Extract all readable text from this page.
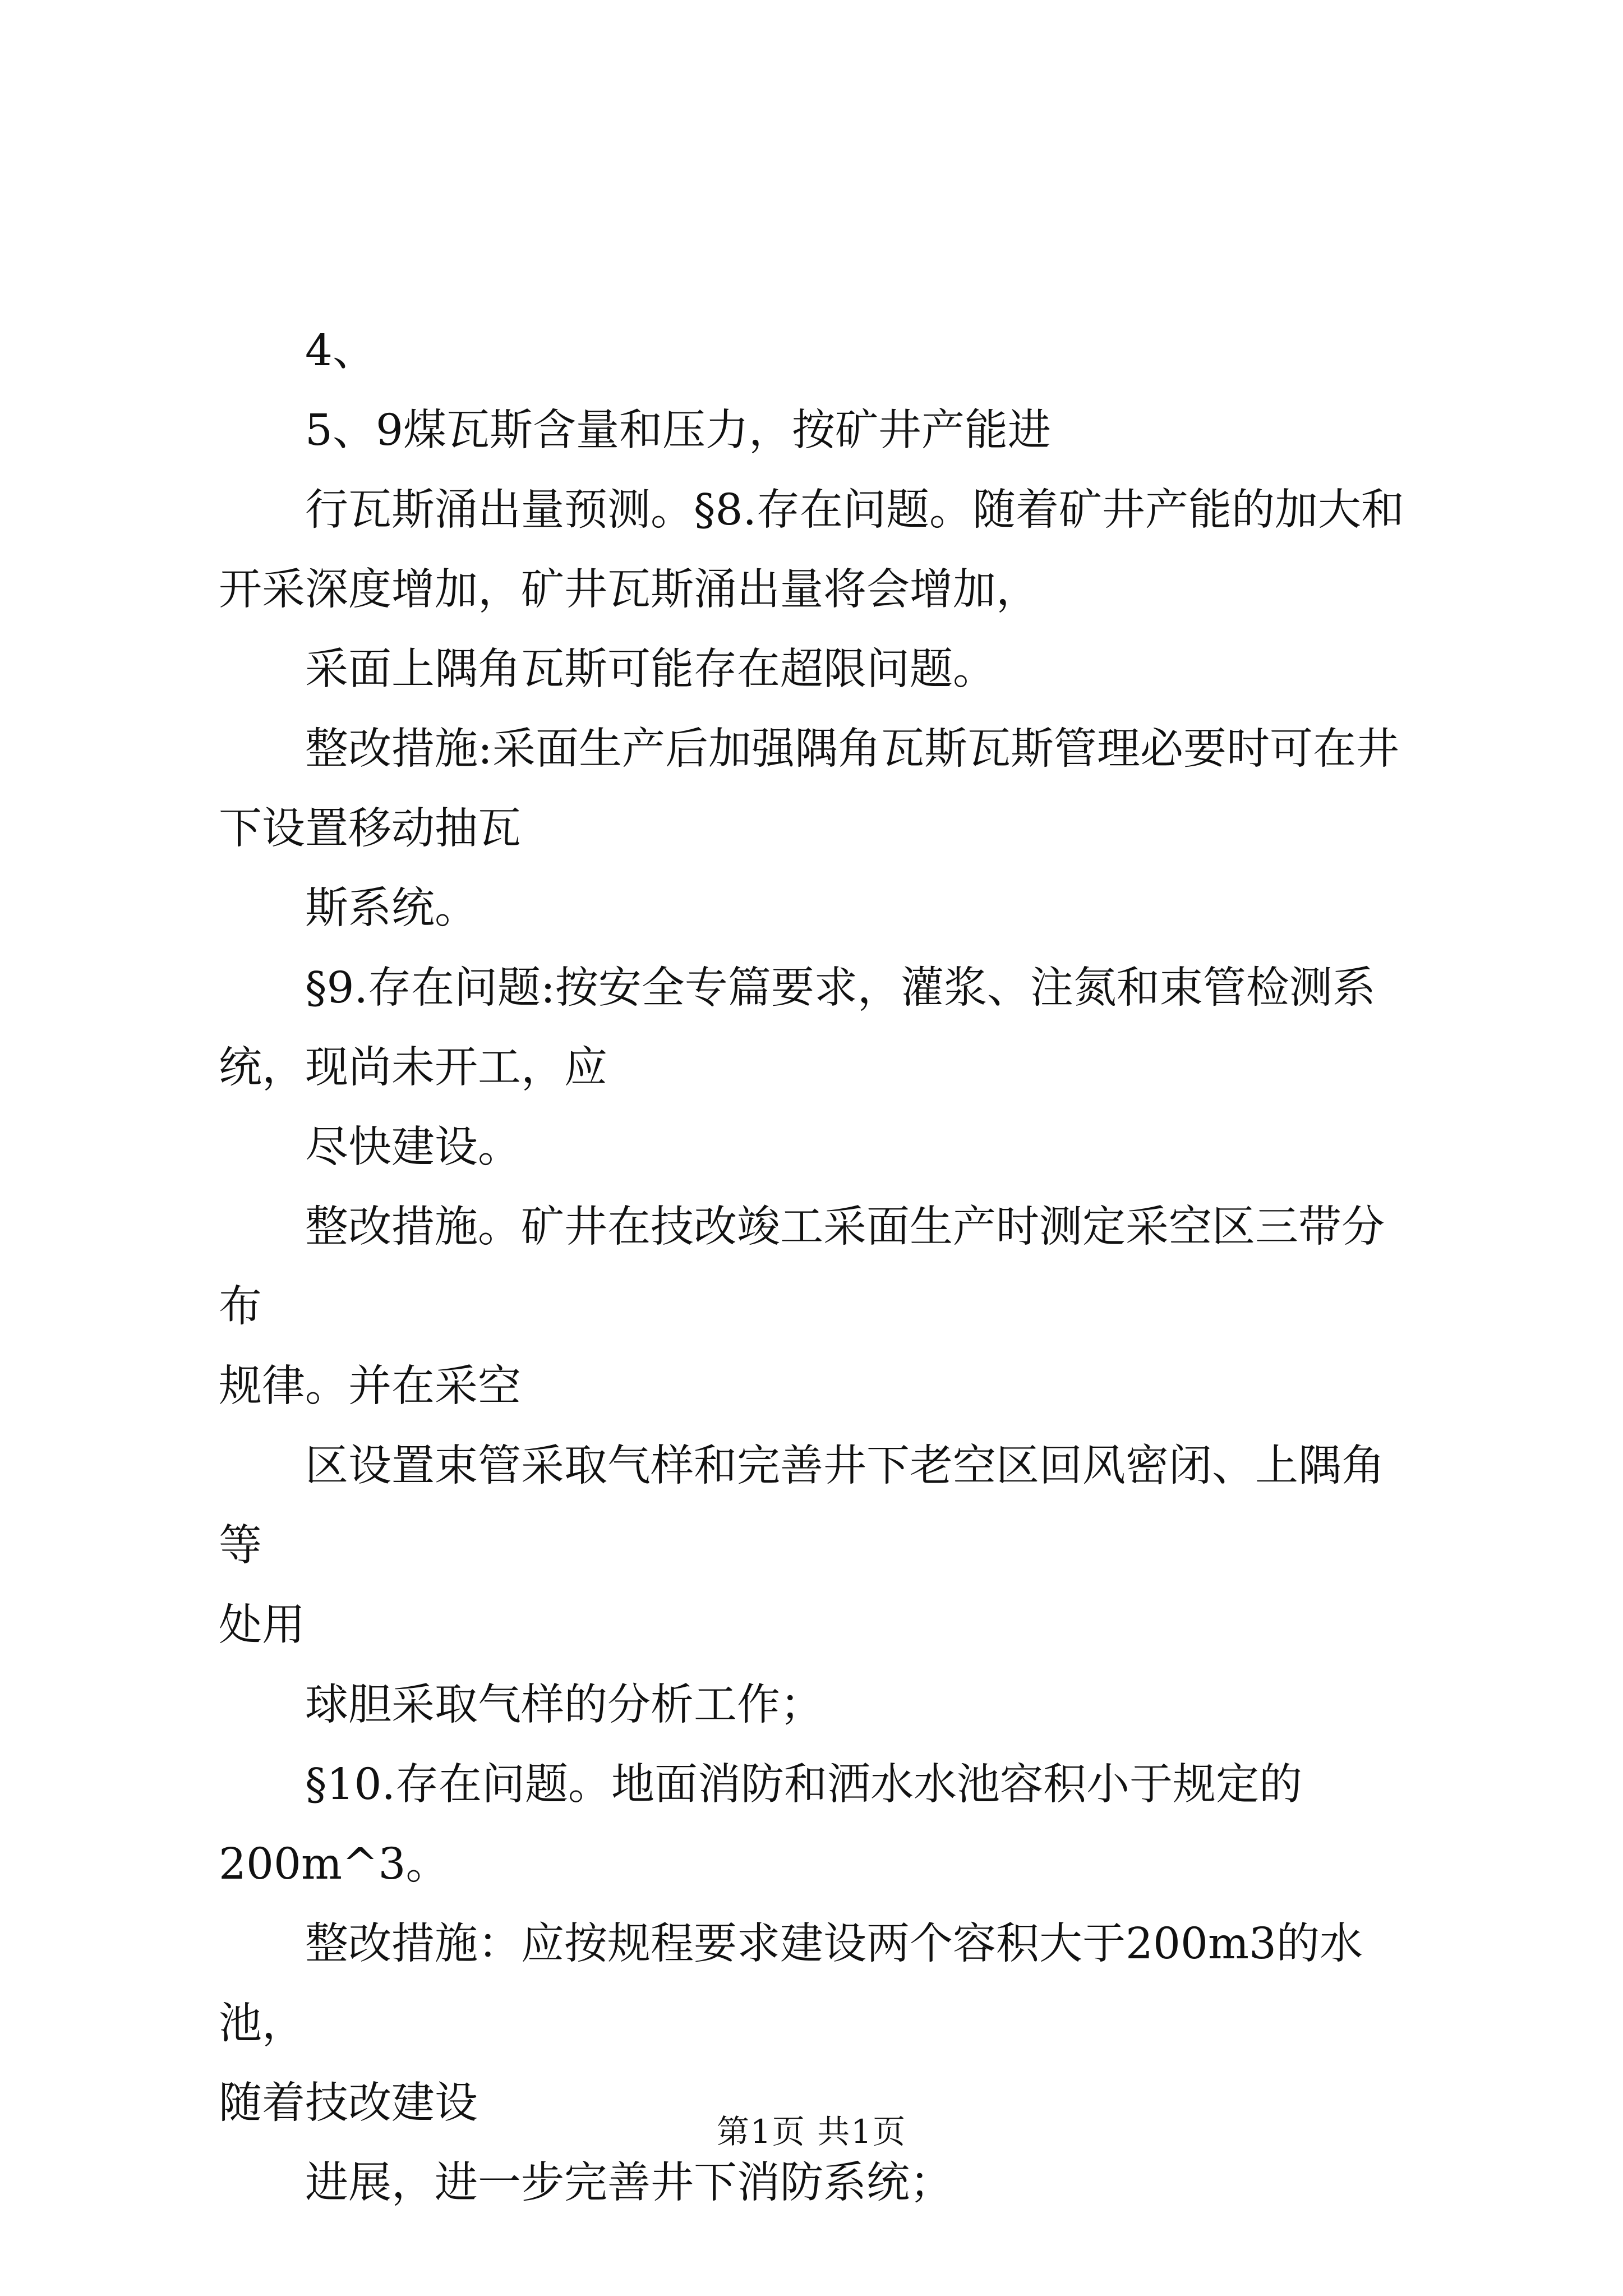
4、

5、9煤瓦斯含量和压力，按矿井产能进

行瓦斯涌出量预测。§8.存在问题。随着矿井产能的加大和

开采深度增加，矿井瓦斯涌出量将会增加，

采面上隅角瓦斯可能存在超限问题。

整改措施:采面生产后加强隅角瓦斯瓦斯管理必要时可在井

下设置移动抽瓦

斯系统。

§9.存在问题:按安全专篇要求，灌浆、注氮和束管检测系

统，现尚未开工，应

尽快建设。

整改措施。矿井在技改竣工采面生产时测定采空区三带分布

规律。并在采空

区设置束管采取气样和完善井下老空区回风密闭、上隅角等

处用

球胆采取气样的分析工作；

§10.存在问题。地面消防和洒水水池容积小于规定的

200m^3。

整改措施：应按规程要求建设两个容积大于200m3的水池，

随着技改建设

进展，进一步完善井下消防系统；

第1页 共1页
